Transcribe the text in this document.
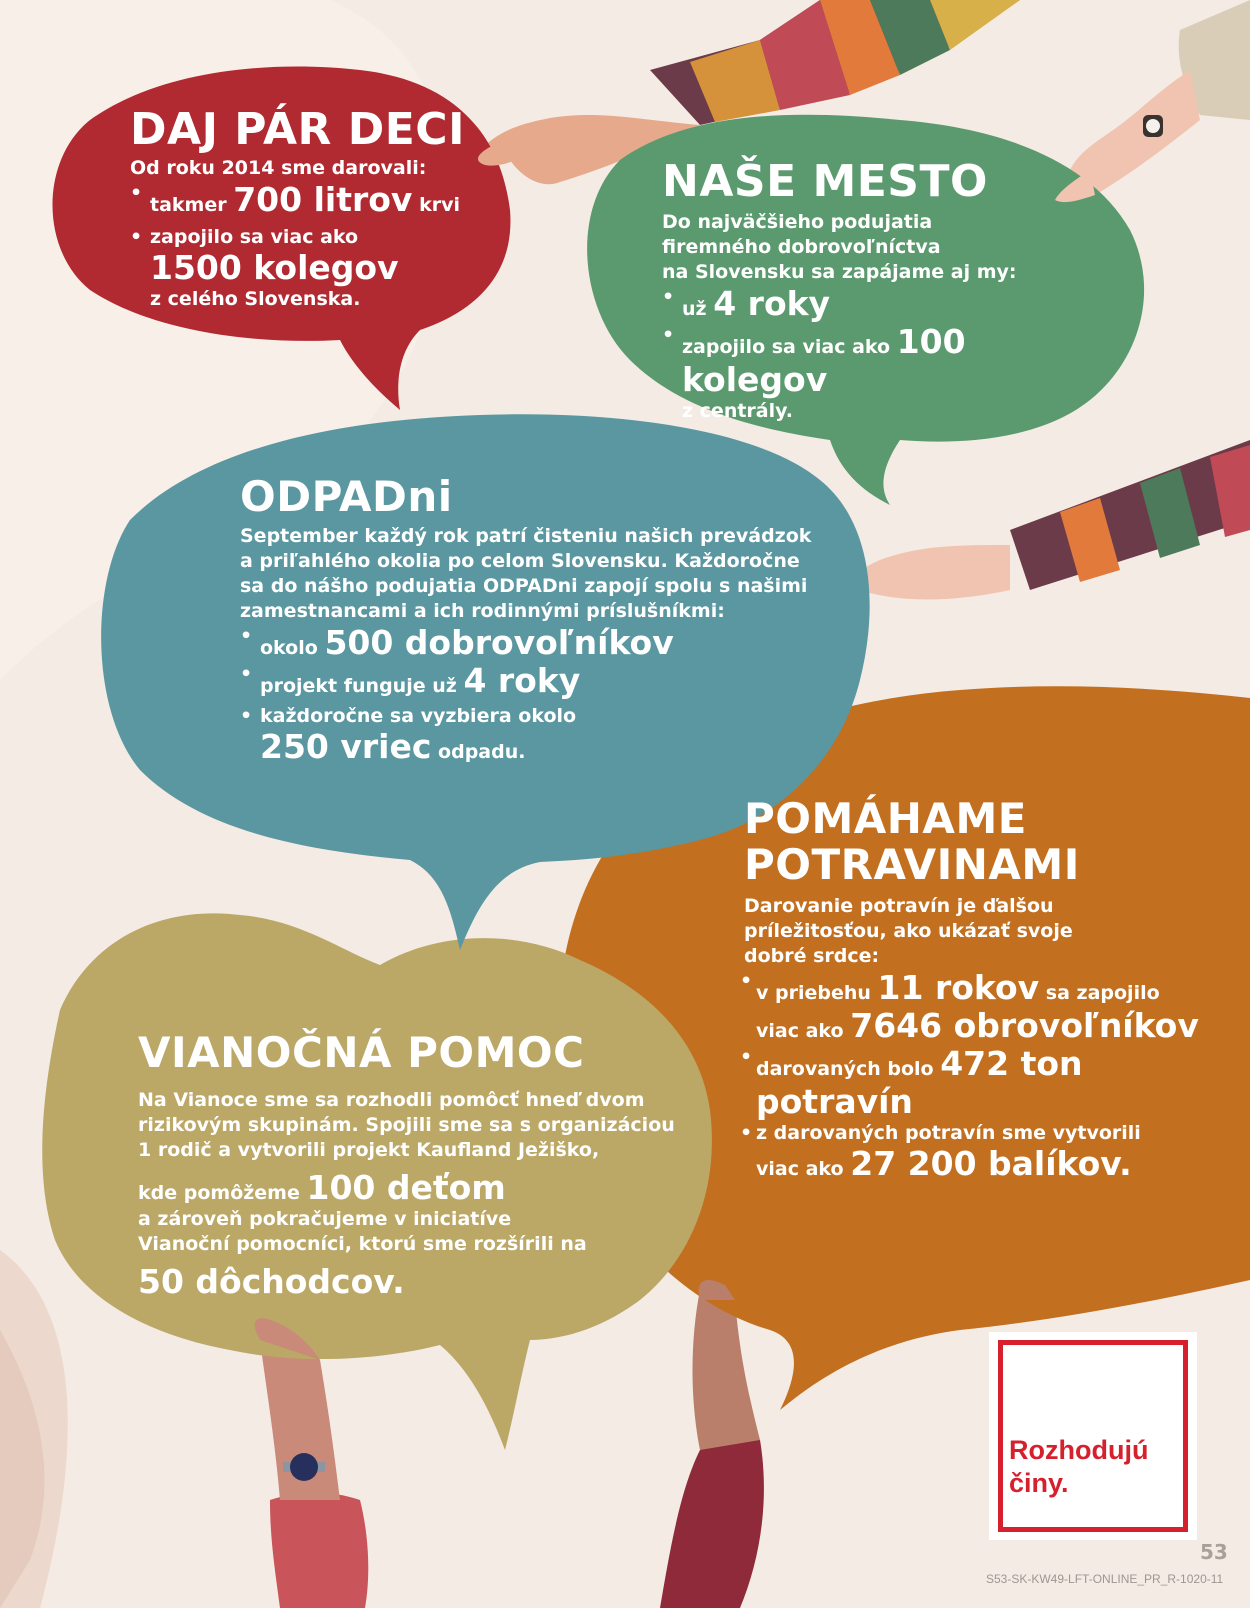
DAJ PÁR DECI

Od roku 2014 sme darovali:

• takmer 700 litrov krvi
• zapojilo sa viac ako
1500 kolegov
z celého Slovenska.
NAŠE MESTO

Do najväčšieho podujatia

firemného dobrovoľníctva

na Slovensku sa zapájame aj my:

• už 4 roky
• zapojilo sa viac ako 100 kolegov
z centrály.
ODPADni

September každý rok patrí čisteniu našich prevádzok

a priľahlého okolia po celom Slovensku. Každoročne

sa do nášho podujatia ODPADni zapojí spolu s našimi

zamestnancami a ich rodinnými príslušníkmi:

• okolo 500 dobrovoľníkov
• projekt funguje už 4 roky
• každoročne sa vyzbiera okolo
250 vriec odpadu.
POMÁHAME
POTRAVINAMI

Darovanie potravín je ďalšou

príležitosťou, ako ukázať svoje

dobré srdce:

• v priebehu 11 rokov sa zapojilo
viac ako 7646 obrovoľníkov
• darovaných bolo 472 ton
potravín
• z darovaných potravín sme vytvorili
viac ako 27 200 balíkov.
VIANOČNÁ POMOC

Na Vianoce sme sa rozhodli pomôcť hneď dvom

rizikovým skupinám. Spojili sme sa s organizáciou

1 rodič a vytvorili projekt Kaufland Ježiško,

kde pomôžeme 100 deťom

a zároveň pokračujeme v iniciatíve

Vianoční pomocníci, ktorú sme rozšírili na

50 dôchodcov.

Rozhodujú
činy.
53
S53-SK-KW49-LFT-ONLINE_PR_R-1020-11
